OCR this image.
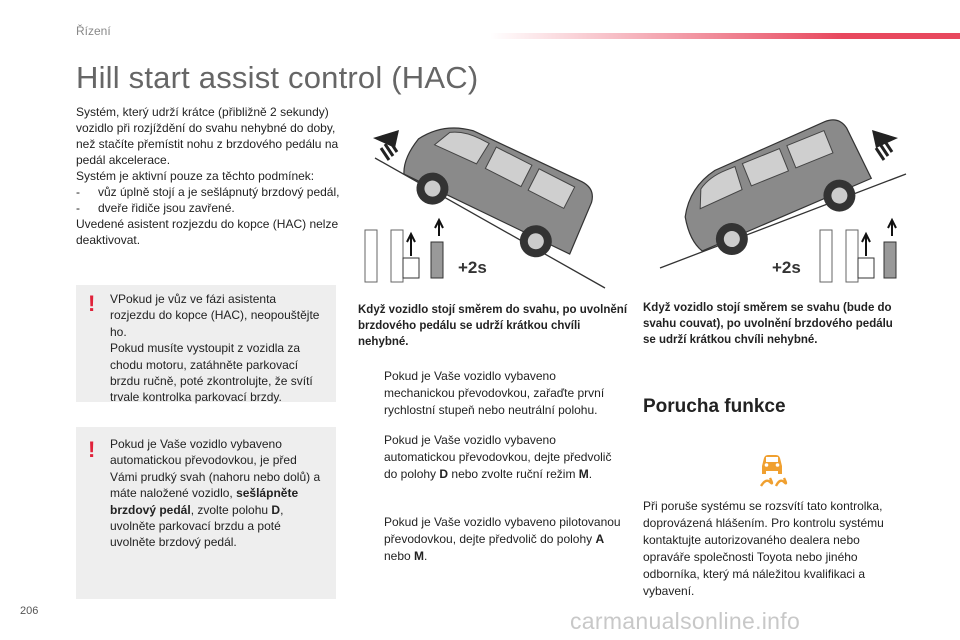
Řízení
Hill start assist control (HAC)

Systém, který udrží krátce (přibližně 2 sekundy) vozidlo při rozjíždění do svahu nehybné do doby, než stačíte přemístit nohu z brzdového pedálu na pedál akcelerace.

Systém je aktivní pouze za těchto podmínek:

-	vůz úplně stojí a je sešlápnutý brzdový pedál,
-	dveře řidiče jsou zavřené.

Uvedené asistent rozjezdu do kopce (HAC) nelze deaktivovat.

! VPokud je vůz ve fázi asistenta rozjezdu do kopce (HAC), neopouštějte ho.
Pokud musíte vystoupit z vozidla za chodu motoru, zatáhněte parkovací brzdu ručně, poté zkontrolujte, že svítí trvale kontrolka parkovací brzdy.
! Pokud je Vaše vozidlo vybaveno automatickou převodovkou, je před Vámi prudký svah (nahoru nebo dolů) a máte naložené vozidlo, sešlápněte brzdový pedál, zvolte polohu D, uvolněte parkovací brzdu a poté uvolněte brzdový pedál.
+2s	+2s
Když vozidlo stojí směrem do svahu, po uvolnění brzdového pedálu se udrží krátkou chvíli nehybné.
Když vozidlo stojí směrem se svahu (bude do svahu couvat), po uvolnění brzdového pedálu se udrží krátkou chvíli nehybné.
Pokud je Vaše vozidlo vybaveno mechanickou převodovkou, zařaďte první rychlostní stupeň nebo neutrální polohu.
Pokud je Vaše vozidlo vybaveno automatickou převodovkou, dejte předvolič do polohy D nebo zvolte ruční režim M.
Pokud je Vaše vozidlo vybaveno pilotovanou převodovkou, dejte předvolič do polohy A nebo M.
Porucha funkce
Při poruše systému se rozsvítí tato kontrolka, doprovázená hlášením. Pro kontrolu systému kontaktujte autorizovaného dealera nebo opraváře společnosti Toyota nebo jiného odborníka, který má náležitou kvalifikaci a vybavení.
206	carmanualsonline.info
